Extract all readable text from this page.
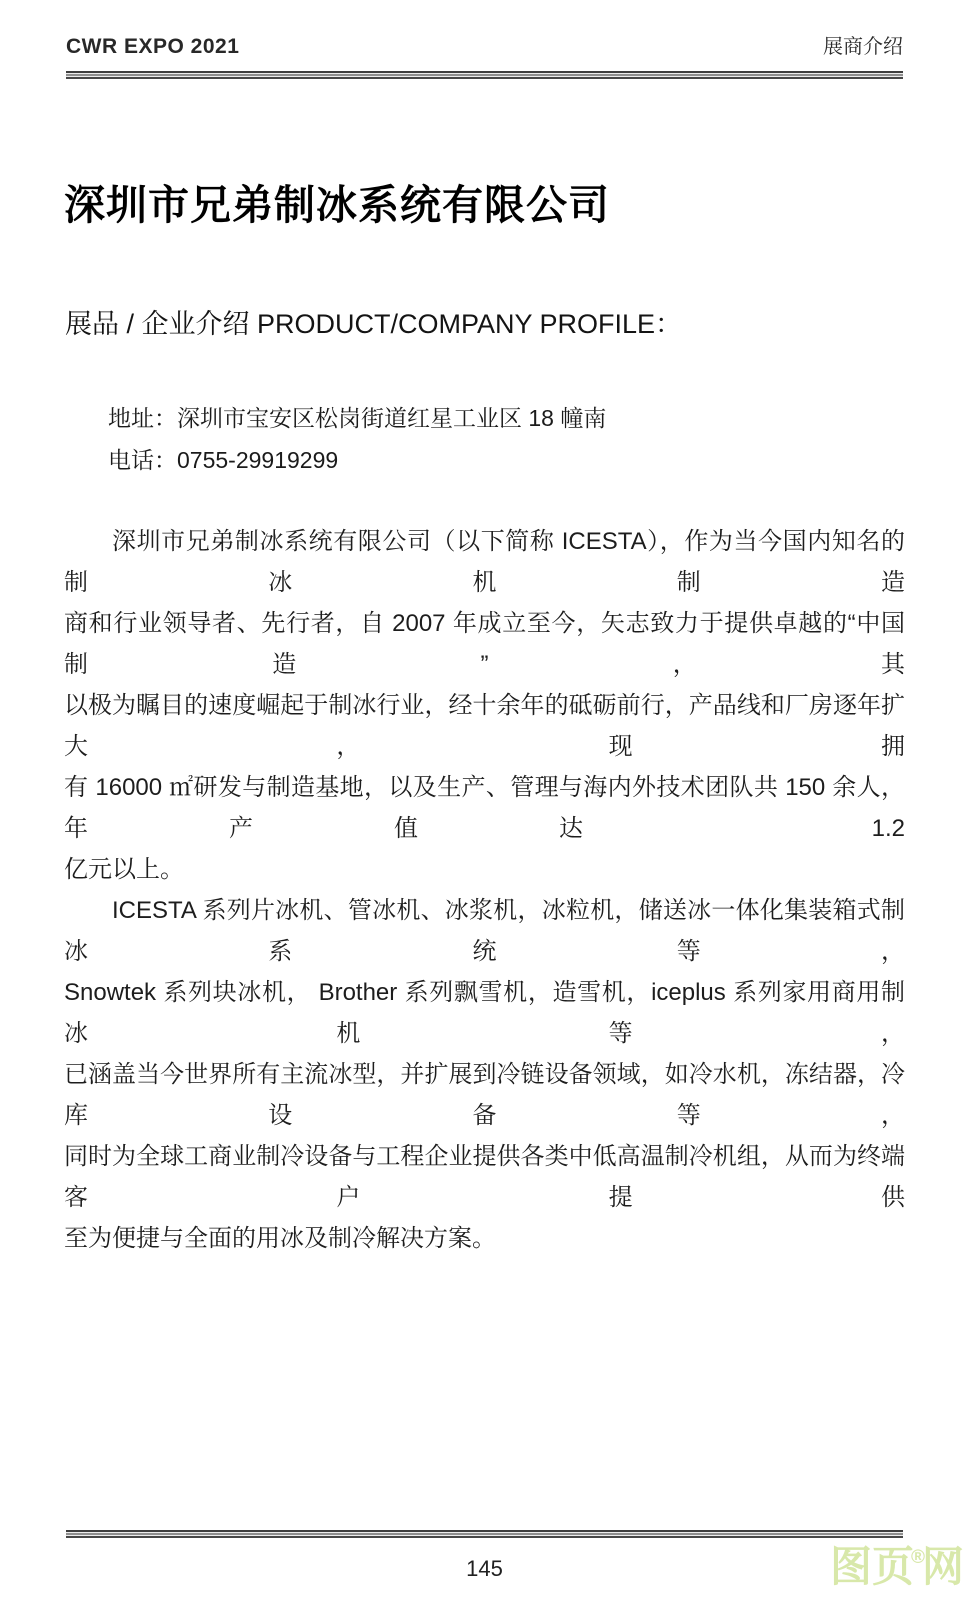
CWR EXPO 2021	展商介绍
深圳市兄弟制冰系统有限公司
展品 / 企业介绍 PRODUCT/COMPANY PROFILE：
地址：深圳市宝安区松岗街道红星工业区 18 幢南
电话：0755-29919299
深圳市兄弟制冰系统有限公司（以下简称 ICESTA），作为当今国内知名的制冰机制造
商和行业领导者、先行者，自 2007 年成立至今，矢志致力于提供卓越的“中国制造”，其
以极为瞩目的速度崛起于制冰行业，经十余年的砥砺前行，产品线和厂房逐年扩大，现拥
有 16000 ㎡研发与制造基地，以及生产、管理与海内外技术团队共 150 余人，年产值达 1.2
亿元以上。
ICESTA 系列片冰机、管冰机、冰浆机，冰粒机，储送冰一体化集装箱式制冰系统等，
Snowtek 系列块冰机， Brother 系列飘雪机，造雪机，iceplus 系列家用商用制冰机等，
已涵盖当今世界所有主流冰型，并扩展到冷链设备领域，如冷水机，冻结器，冷库设备等，
同时为全球工商业制冷设备与工程企业提供各类中低高温制冷机组，从而为终端客户提供
至为便捷与全面的用冰及制冷解决方案。
145	图页®网
